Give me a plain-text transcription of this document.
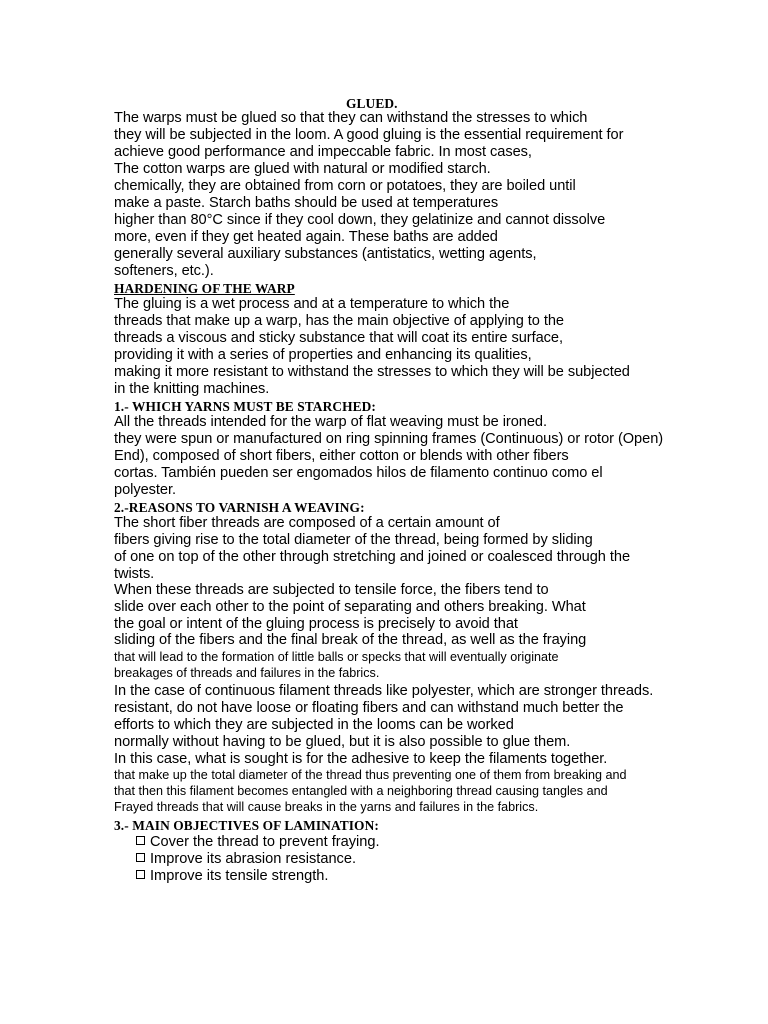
GLUED.
The warps must be glued so that they can withstand the stresses to which
they will be subjected in the loom. A good gluing is the essential requirement for
achieve good performance and impeccable fabric. In most cases,
The cotton warps are glued with natural or modified starch.
chemically, they are obtained from corn or potatoes, they are boiled until
make a paste. Starch baths should be used at temperatures
higher than 80°C since if they cool down, they gelatinize and cannot dissolve
more, even if they get heated again. These baths are added
generally several auxiliary substances (antistatics, wetting agents,
softeners, etc.).
HARDENING OF THE WARP
The gluing is a wet process and at a temperature to which the
threads that make up a warp, has the main objective of applying to the
threads a viscous and sticky substance that will coat its entire surface,
providing it with a series of properties and enhancing its qualities,
making it more resistant to withstand the stresses to which they will be subjected
in the knitting machines.
1.- WHICH YARNS MUST BE STARCHED:
All the threads intended for the warp of flat weaving must be ironed.
they were spun or manufactured on ring spinning frames (Continuous) or rotor (Open)
End), composed of short fibers, either cotton or blends with other fibers
cortas. También pueden ser engomados hilos de filamento continuo como el
polyester.
2.-REASONS TO VARNISH A WEAVING:
The short fiber threads are composed of a certain amount of
fibers giving rise to the total diameter of the thread, being formed by sliding
of one on top of the other through stretching and joined or coalesced through the
twists.
When these threads are subjected to tensile force, the fibers tend to
slide over each other to the point of separating and others breaking. What
the goal or intent of the gluing process is precisely to avoid that
sliding of the fibers and the final break of the thread, as well as the fraying
that will lead to the formation of little balls or specks that will eventually originate
breakages of threads and failures in the fabrics.
In the case of continuous filament threads like polyester, which are stronger threads.
resistant, do not have loose or floating fibers and can withstand much better the
efforts to which they are subjected in the looms can be worked
normally without having to be glued, but it is also possible to glue them.
In this case, what is sought is for the adhesive to keep the filaments together.
that make up the total diameter of the thread thus preventing one of them from breaking and
that then this filament becomes entangled with a neighboring thread causing tangles and
Frayed threads that will cause breaks in the yarns and failures in the fabrics.
3.- MAIN OBJECTIVES OF LAMINATION:
Cover the thread to prevent fraying.
Improve its abrasion resistance.
Improve its tensile strength.
